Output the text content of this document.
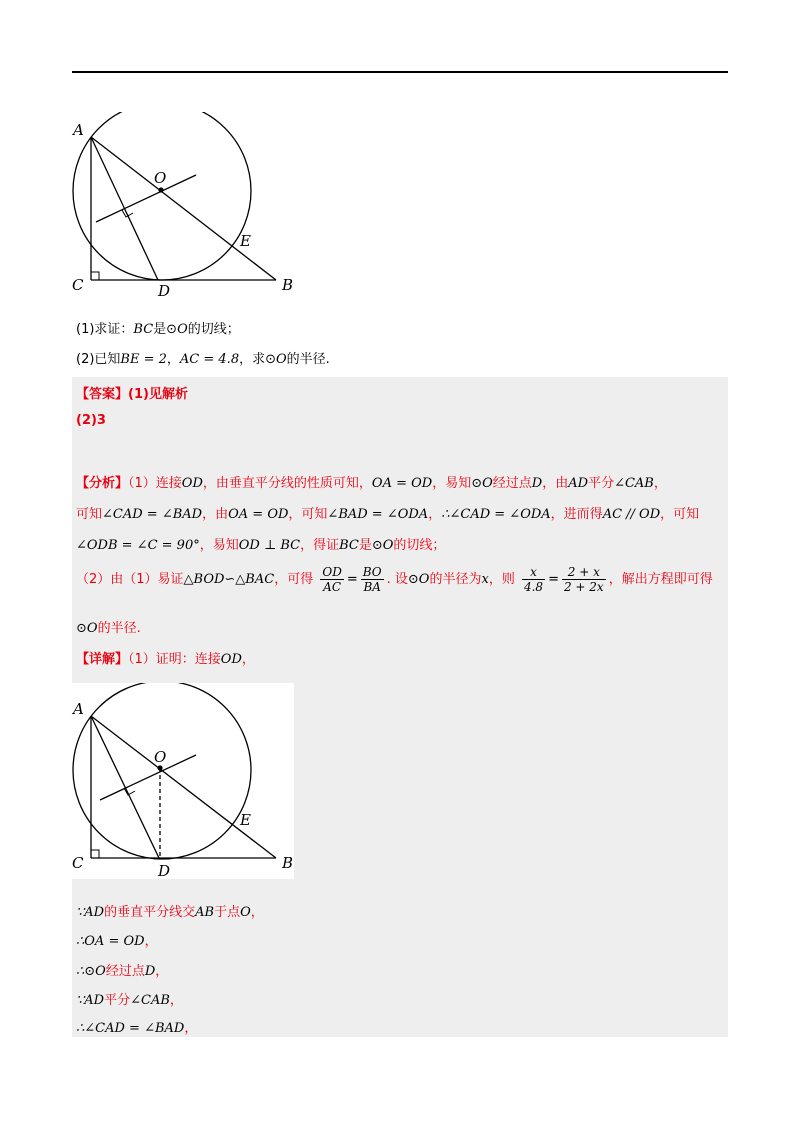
A
O
E
C	D	B
(1)求证：BC是⊙O的切线；
(2)已知BE = 2，AC = 4.8，求⊙O的半径.
【答案】(1)见解析
(2)3
【分析】（1）连接OD，由垂直平分线的性质可知，OA = OD，易知⊙O经过点D，由AD平分∠CAB，
可知∠CAD = ∠BAD，由OA = OD，可知∠BAD = ∠ODA，∴∠CAD = ∠ODA，进而得AC // OD，可知
∠ODB = ∠C = 90°，易知OD ⊥ BC，得证BC是⊙O的切线；
（2）由（1）易证△BOD∽△BAC，可得 $\frac{OD}{AC} = \frac{BO}{BA}$ . 设⊙O的半径为x，则 $\frac{x}{4.8} = \frac{2 + x}{2 + 2x}$ ，解出方程即可得
⊙O的半径.
【详解】（1）证明：连接OD，
A
O
E
C	D	B
∵AD的垂直平分线交AB于点O，
∴OA = OD，
∴⊙O经过点D，
∵AD平分∠CAB，
∴∠CAD = ∠BAD，
